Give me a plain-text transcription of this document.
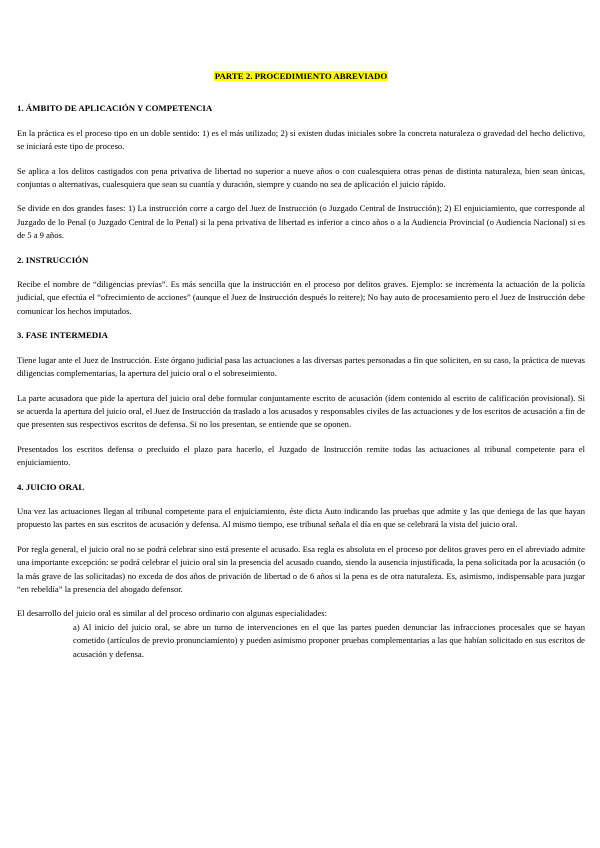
PARTE 2. PROCEDIMIENTO ABREVIADO
1. ÁMBITO DE APLICACIÓN Y COMPETENCIA

En la práctica es el proceso tipo en un doble sentido: 1) es el más utilizado; 2) si existen dudas iniciales sobre la concreta naturaleza o gravedad del hecho delictivo, se iniciará este tipo de proceso.

Se aplica a los delitos castigados con pena privativa de libertad no superior a nueve años o con cualesquiera otras penas de distinta naturaleza, bien sean únicas, conjuntas o alternativas, cualesquiera que sean su cuantía y duración, siempre y cuando no sea de aplicación el juicio rápido.

Se divide en dos grandes fases: 1) La instrucción corre a cargo del Juez de Instrucción (o Juzgado Central de Instrucción); 2) El enjuiciamiento, que corresponde al Juzgado de lo Penal (o Juzgado Central de lo Penal) si la pena privativa de libertad es inferior a cinco años o a la Audiencia Provincial (o Audiencia Nacional) si es de 5 a 9 años.

2. INSTRUCCIÓN

Recibe el nombre de “diligencias previas”. Es más sencilla que la instrucción en el proceso por delitos graves. Ejemplo: se incrementa la actuación de la policía judicial, que efectúa el “ofrecimiento de acciones” (aunque el Juez de Instrucción después lo reitere); No hay auto de procesamiento pero el Juez de Instrucción debe comunicar los hechos imputados.

3. FASE INTERMEDIA

Tiene lugar ante el Juez de Instrucción. Este órgano judicial pasa las actuaciones a las diversas partes personadas a fin que soliciten, en su caso, la práctica de nuevas diligencias complementarias, la apertura del juicio oral o el sobreseimiento.

La parte acusadora que pide la apertura del juicio oral debe formular conjuntamente escrito de acusación (ídem contenido al escrito de calificación provisional). Si se acuerda la apertura del juicio oral, el Juez de Instrucción da traslado a los acusados y responsables civiles de las actuaciones y de los escritos de acusación a fin de que presenten sus respectivos escritos de defensa. Si no los presentan, se entiende que se oponen.

Presentados los escritos defensa o precluido el plazo para hacerlo, el Juzgado de Instrucción remite todas las actuaciones al tribunal competente para el enjuiciamiento.

4. JUICIO ORAL

Una vez las actuaciones llegan al tribunal competente para el enjuiciamiento, éste dicta Auto indicando las pruebas que admite y las que deniega de las que hayan propuesto las partes en sus escritos de acusación y defensa. Al mismo tiempo, ese tribunal señala el día en que se celebrará la vista del juicio oral.

Por regla general, el juicio oral no se podrá celebrar sino está presente el acusado. Esa regla es absoluta en el proceso por delitos graves pero en el abreviado admite una importante excepción: se podrá celebrar el juicio oral sin la presencia del acusado cuando, siendo la ausencia injustificada, la pena solicitada por la acusación (o la más grave de las solicitadas) no exceda de dos años de privación de libertad o de 6 años si la pena es de otra naturaleza. Es, asimismo, indispensable para juzgar “en rebeldía” la presencia del abogado defensor.

El desarrollo del juicio oral es similar al del proceso ordinario con algunas especialidades:

a) Al inicio del juicio oral, se abre un turno de intervenciones en el que las partes pueden denunciar las infracciones procesales que se hayan cometido (artículos de previo pronunciamiento) y pueden asimismo proponer pruebas complementarias a las que habían solicitado en sus escritos de acusación y defensa.
